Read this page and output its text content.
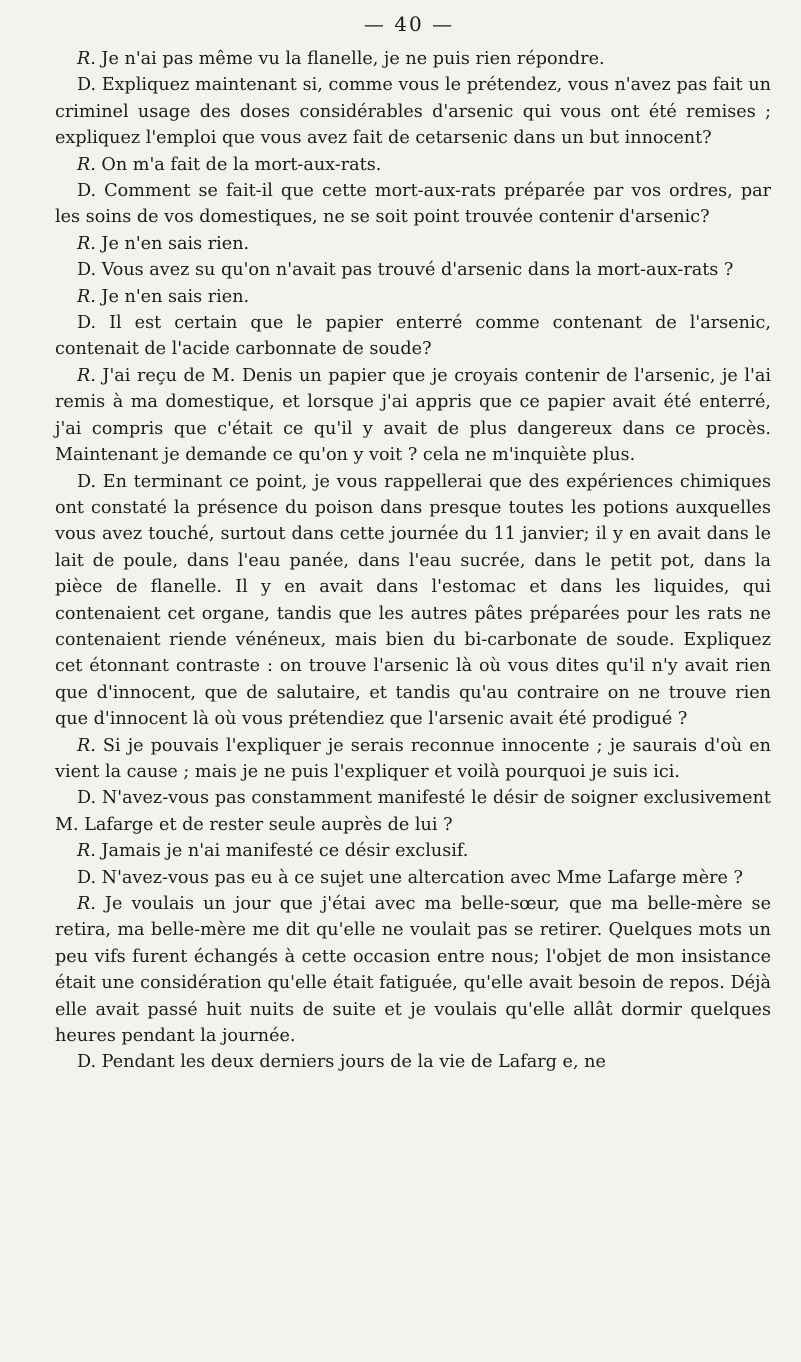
— 40 —

R. Je n'ai pas même vu la flanelle, je ne puis rien répondre.

D. Expliquez maintenant si, comme vous le prétendez, vous n'avez pas fait un criminel usage des doses considérables d'arsenic qui vous ont été remises ; expliquez l'emploi que vous avez fait de cetarsenic dans un but innocent?

R. On m'a fait de la mort-aux-rats.

D. Comment se fait-il que cette mort-aux-rats préparée par vos ordres, par les soins de vos domestiques, ne se soit point trouvée contenir d'arsenic?

R. Je n'en sais rien.

D. Vous avez su qu'on n'avait pas trouvé d'arsenic dans la mort-aux-rats ?

R. Je n'en sais rien.

D. Il est certain que le papier enterré comme contenant de l'arsenic, contenait de l'acide carbonnate de soude?

R. J'ai reçu de M. Denis un papier que je croyais contenir de l'arsenic, je l'ai remis à ma domestique, et lorsque j'ai appris que ce papier avait été enterré, j'ai compris que c'était ce qu'il y avait de plus dangereux dans ce procès. Maintenant je demande ce qu'on y voit ? cela ne m'inquiète plus.

D. En terminant ce point, je vous rappellerai que des expériences chimiques ont constaté la présence du poison dans presque toutes les potions auxquelles vous avez touché, surtout dans cette journée du 11 janvier; il y en avait dans le lait de poule, dans l'eau panée, dans l'eau sucrée, dans le petit pot, dans la pièce de flanelle. Il y en avait dans l'estomac et dans les liquides, qui contenaient cet organe, tandis que les autres pâtes préparées pour les rats ne contenaient riende vénéneux, mais bien du bi-carbonate de soude. Expliquez cet étonnant contraste : on trouve l'arsenic là où vous dites qu'il n'y avait rien que d'innocent, que de salutaire, et tandis qu'au contraire on ne trouve rien que d'innocent là où vous prétendiez que l'arsenic avait été prodigué ?

R. Si je pouvais l'expliquer je serais reconnue innocente ; je saurais d'où en vient la cause ; mais je ne puis l'expliquer et voilà pourquoi je suis ici.

D. N'avez-vous pas constamment manifesté le désir de soigner exclusivement M. Lafarge et de rester seule auprès de lui ?

R. Jamais je n'ai manifesté ce désir exclusif.

D. N'avez-vous pas eu à ce sujet une altercation avec Mme Lafarge mère ?

R. Je voulais un jour que j'étai avec ma belle-sœur, que ma belle-mère se retira, ma belle-mère me dit qu'elle ne voulait pas se retirer. Quelques mots un peu vifs furent échangés à cette occasion entre nous; l'objet de mon insistance était une considération qu'elle était fatiguée, qu'elle avait besoin de repos. Déjà elle avait passé huit nuits de suite et je voulais qu'elle allât dormir quelques heures pendant la journée.

D. Pendant les deux derniers jours de la vie de Lafarg e, ne
